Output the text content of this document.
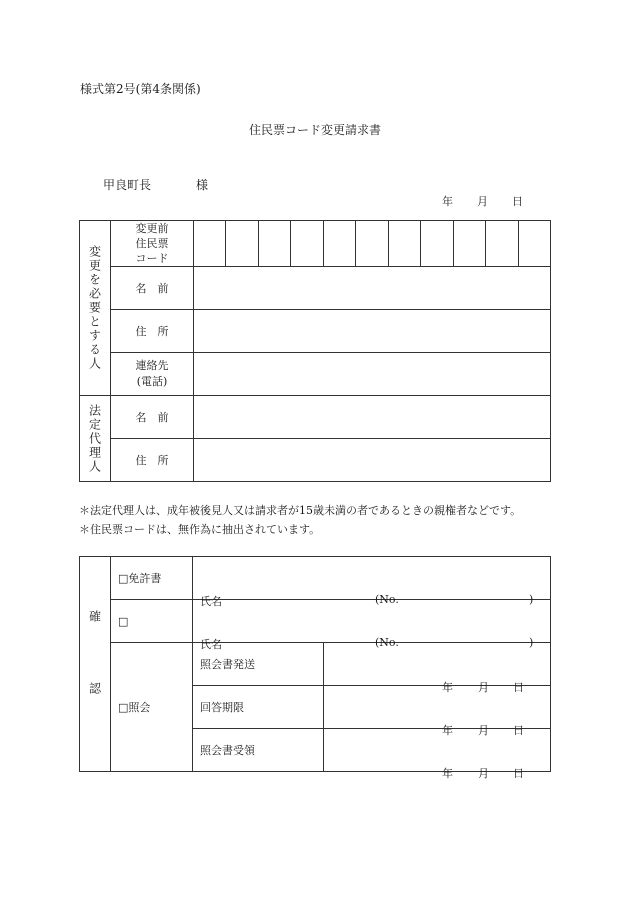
様式第2号(第4条関係)
住民票コード変更請求書
甲良町長	様
年 月 日
変更を必要とする人	変更前
住民票
コード											
	名　前											
	住　所											
	連絡先
(電話)											

法定代理人	名　前											
	住　所											
＊法定代理人は、成年被後見人又は請求者が15歳未満の者であるときの親権者などです。
＊住民票コードは、無作為に抽出されています。
確　認	□免許書	氏名 (No. )	

	□	氏名 (No. )	

	□照会	照会書発送	年 月 日

		回答期限	年 月 日

		照会書受領	年 月 日
